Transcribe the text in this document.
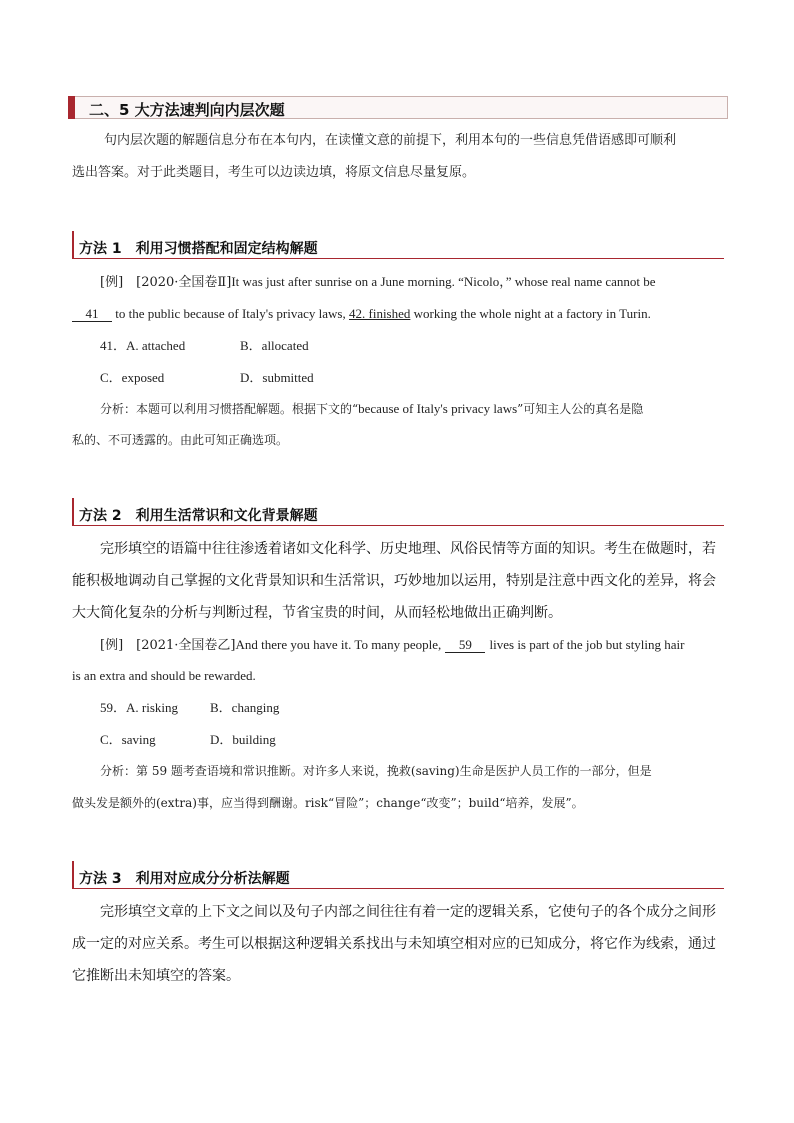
二、5 大方法速判向内层次题
句内层次题的解题信息分布在本句内，在读懂文意的前提下，利用本句的一些信息凭借语感即可顺利
选出答案。对于此类题目，考生可以边读边填，将原文信息尽量复原。
方法 1　利用习惯搭配和固定结构解题
[例]　[2020·全国卷Ⅱ]It was just after sunrise on a June morning. “Nicolo，” whose real name cannot be
41 to the public because of Italy's privacy laws, 42. finished working the whole night at a factory in Turin.
41．A. attached	B．allocated
C．exposed	D．submitted
分析：本题可以利用习惯搭配解题。根据下文的“because of Italy's privacy laws”可知主人公的真名是隐
私的、不可透露的。由此可知正确选项。
方法 2　利用生活常识和文化背景解题
完形填空的语篇中往往渗透着诸如文化科学、历史地理、风俗民情等方面的知识。考生在做题时，若
能积极地调动自己掌握的文化背景知识和生活常识，巧妙地加以运用，特别是注意中西文化的差异，将会
大大简化复杂的分析与判断过程，节省宝贵的时间，从而轻松地做出正确判断。
[例]　[2021·全国卷乙]And there you have it. To many people, 59 lives is part of the job but styling hair
is an extra and should be rewarded.
59．A. risking B．changing
C．saving	D．building
分析：第 59 题考查语境和常识推断。对许多人来说，挽救(saving)生命是医护人员工作的一部分，但是
做头发是额外的(extra)事，应当得到酬谢。risk“冒险”；change“改变”；build“培养，发展”。
方法 3　利用对应成分分析法解题
完形填空文章的上下文之间以及句子内部之间往往有着一定的逻辑关系，它使句子的各个成分之间形
成一定的对应关系。考生可以根据这种逻辑关系找出与未知填空相对应的已知成分，将它作为线索，通过
它推断出未知填空的答案。
